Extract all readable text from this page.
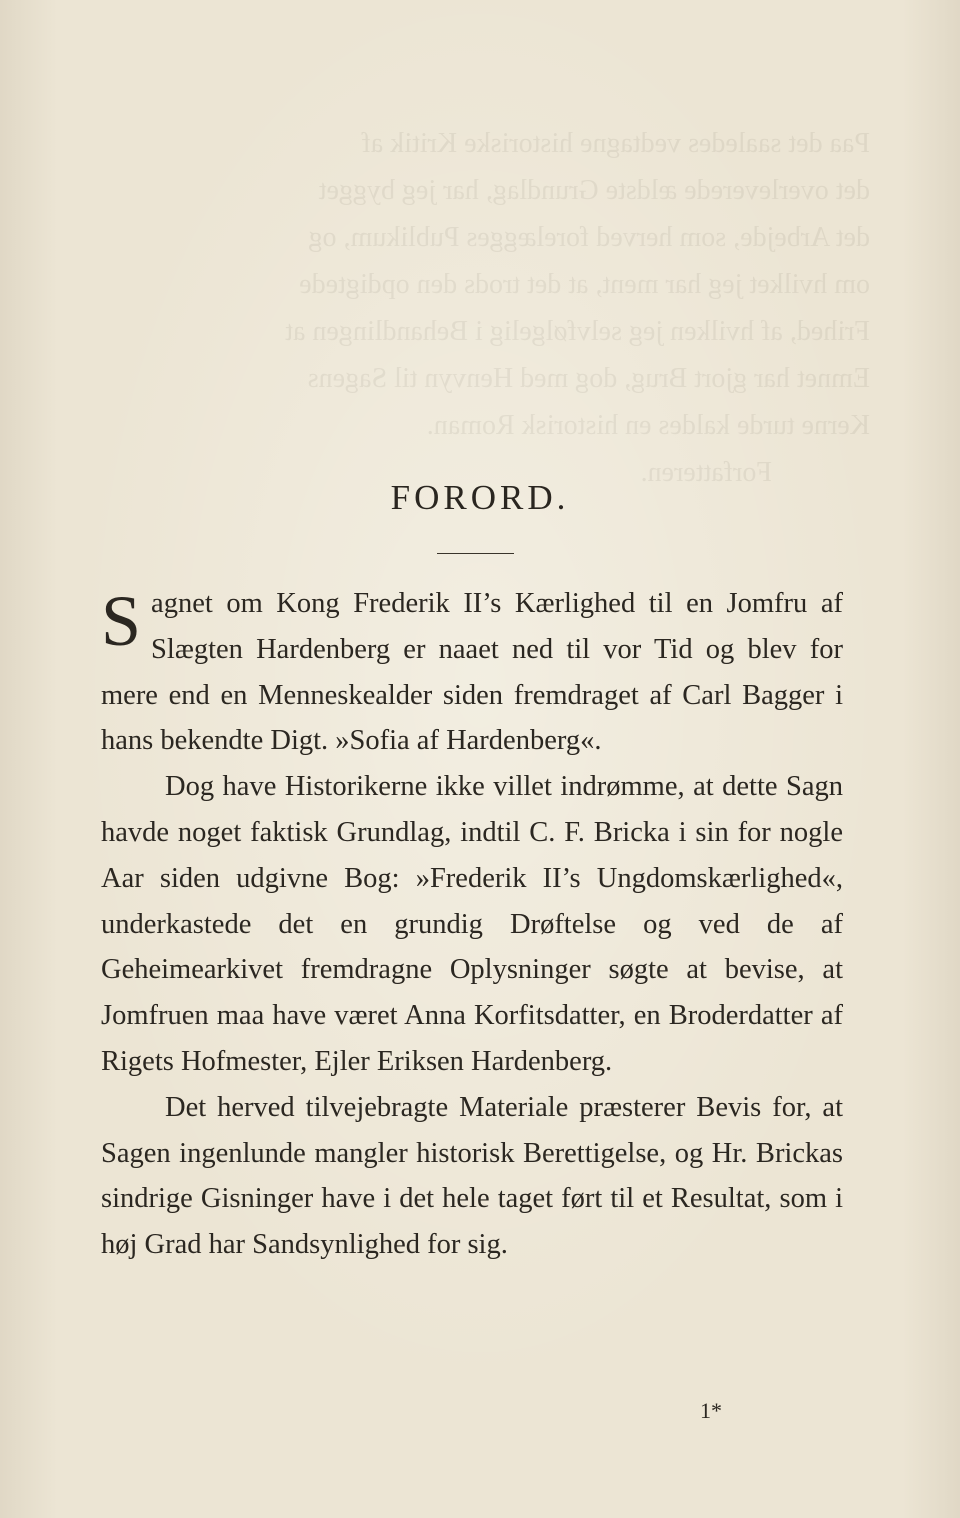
Paa det saaledes vedtagne historiske Kritik af
det overleverede ældste Grundlag, har jeg bygget
det Arbejde, som herved forelægges Publikum, og
om hvilket jeg har ment, at det trods den opdigtede
Frihed, af hvilken jeg selvfølgelig i Behandlingen at
Emnet har gjort Brug, dog med Henvyn til Sagens
Kerne turde kaldes en historisk Roman.
Forfatteren.
FORORD.

Sagnet om Kong Frederik II’s Kærlighed til en Jomfru af Slægten Hardenberg er naaet ned til vor Tid og blev for mere end en Menneskealder siden fremdraget af Carl Bagger i hans bekendte Digt. »Sofia af Hardenberg«.

Dog have Historikerne ikke villet indrømme, at dette Sagn havde noget faktisk Grundlag, indtil C. F. Bricka i sin for nogle Aar siden udgivne Bog: »Frederik II’s Ungdomskærlighed«, underkastede det en grundig Drøftelse og ved de af Geheimearkivet fremdragne Oplysninger søgte at bevise, at Jomfruen maa have været Anna Korfitsdatter, en Broderdatter af Rigets Hofmester, Ejler Eriksen Hardenberg.

Det herved tilvejebragte Materiale præsterer Bevis for, at Sagen ingenlunde mangler historisk Berettigelse, og Hr. Brickas sindrige Gisninger have i det hele taget ført til et Resultat, som i høj Grad har Sandsynlighed for sig.

1*
